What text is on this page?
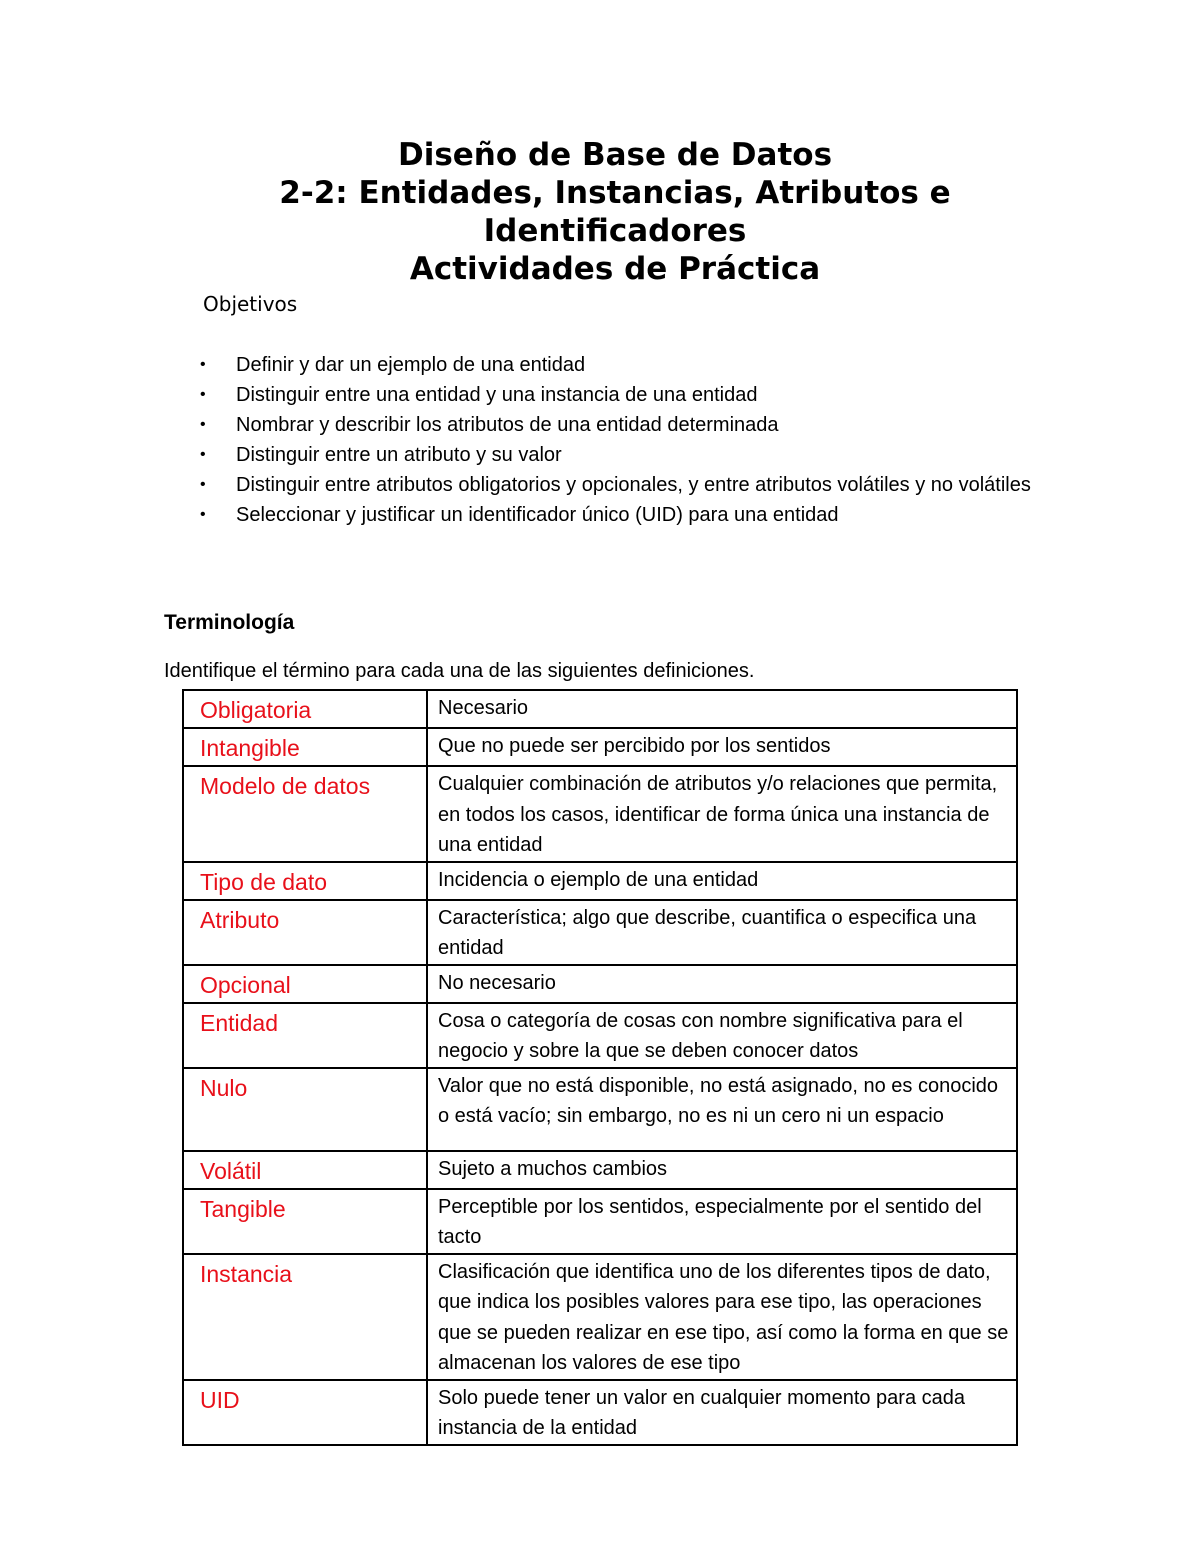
Diseño de Base de Datos
2-2: Entidades, Instancias, Atributos e
Identificadores
Actividades de Práctica
Objetivos
• Definir y dar un ejemplo de una entidad
• Distinguir entre una entidad y una instancia de una entidad
• Nombrar y describir los atributos de una entidad determinada
• Distinguir entre un atributo y su valor
• Distinguir entre atributos obligatorios y opcionales, y entre atributos volátiles y no volátiles
• Seleccionar y justificar un identificador único (UID) para una entidad
Terminología
Identifique el término para cada una de las siguientes definiciones.
Obligatoria	Necesario
Intangible	Que no puede ser percibido por los sentidos
Modelo de datos	Cualquier combinación de atributos y/o relaciones que permita, en todos los casos, identificar de forma única una instancia de una entidad
Tipo de dato	Incidencia o ejemplo de una entidad
Atributo	Característica; algo que describe, cuantifica o especifica una entidad
Opcional	No necesario
Entidad	Cosa o categoría de cosas con nombre significativa para el negocio y sobre la que se deben conocer datos
Nulo	Valor que no está disponible, no está asignado, no es conocido o está vacío; sin embargo, no es ni un cero ni un espacio
Volátil	Sujeto a muchos cambios
Tangible	Perceptible por los sentidos, especialmente por el sentido del tacto
Instancia	Clasificación que identifica uno de los diferentes tipos de dato, que indica los posibles valores para ese tipo, las operaciones que se pueden realizar en ese tipo, así como la forma en que se almacenan los valores de ese tipo
UID	Solo puede tener un valor en cualquier momento para cada instancia de la entidad
